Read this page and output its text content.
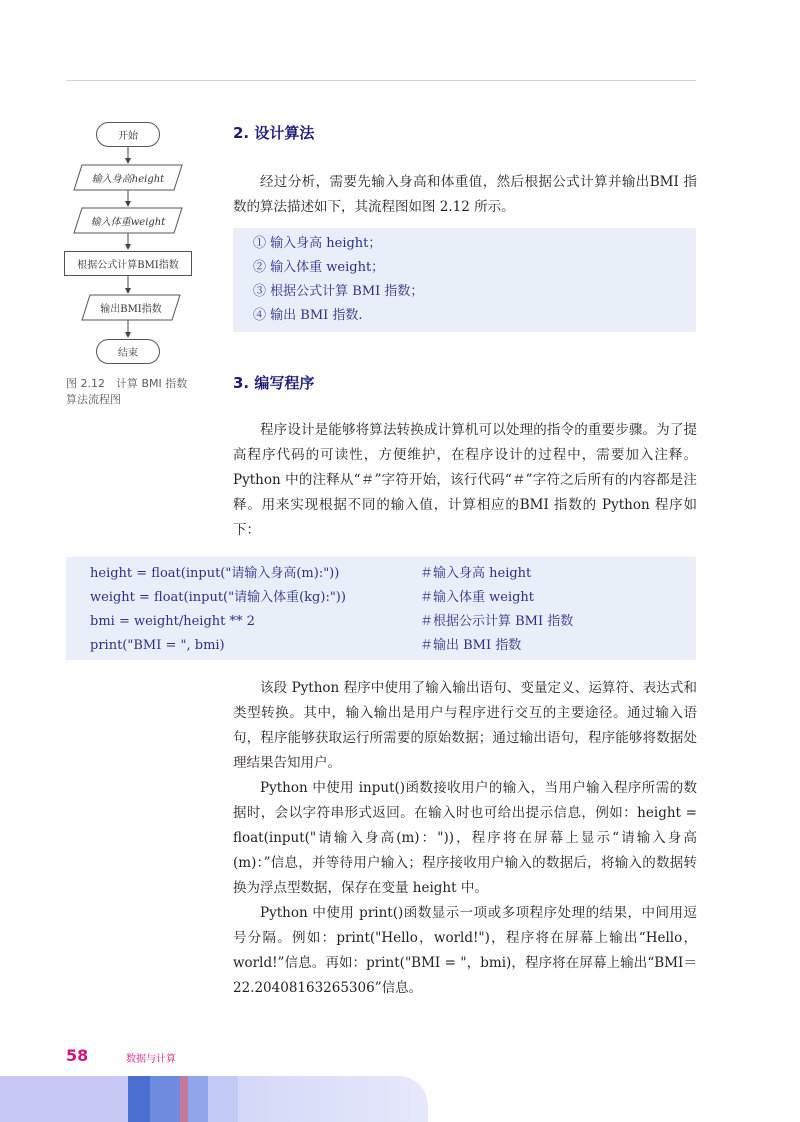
开始
输入身高height
输入体重weight
根据公式计算BMI指数
输出BMI指数
结束
图 2.12　计算 BMI 指数
算法流程图
2. 设计算法

经过分析，需要先输入身高和体重值，然后根据公式计算并输出BMI 指数的算法描述如下，其流程图如图 2.12 所示。

① 输入身高 height；
② 输入体重 weight；
③ 根据公式计算 BMI 指数；
④ 输出 BMI 指数.
3. 编写程序

程序设计是能够将算法转换成计算机可以处理的指令的重要步骤。为了提高程序代码的可读性，方便维护，在程序设计的过程中，需要加入注释。Python 中的注释从“＃”字符开始，该行代码“＃”字符之后所有的内容都是注释。用来实现根据不同的输入值，计算相应的BMI 指数的 Python 程序如下：

height = float(input("请输入身高(m):"))	＃输入身高 height
weight = float(input("请输入体重(kg):"))	＃输入体重 weight
bmi = weight/height ** 2	＃根据公示计算 BMI 指数
print("BMI = ", bmi)	＃输出 BMI 指数

该段 Python 程序中使用了输入输出语句、变量定义、运算符、表达式和类型转换。其中，输入输出是用户与程序进行交互的主要途径。通过输入语句，程序能够获取运行所需要的原始数据；通过输出语句，程序能够将数据处理结果告知用户。

Python 中使用 input()函数接收用户的输入，当用户输入程序所需的数据时，会以字符串形式返回。在输入时也可给出提示信息，例如：height = float(input("请输入身高(m)："))，程序将在屏幕上显示“请输入身高(m)：”信息，并等待用户输入；程序接收用户输入的数据后，将输入的数据转换为浮点型数据，保存在变量 height 中。

Python 中使用 print()函数显示一项或多项程序处理的结果，中间用逗号分隔。例如：print("Hello，world!")，程序将在屏幕上输出“Hello，world!”信息。再如：print("BMI = "，bmi)，程序将在屏幕上输出“BMI＝ 22.20408163265306”信息。

58	数据与计算
